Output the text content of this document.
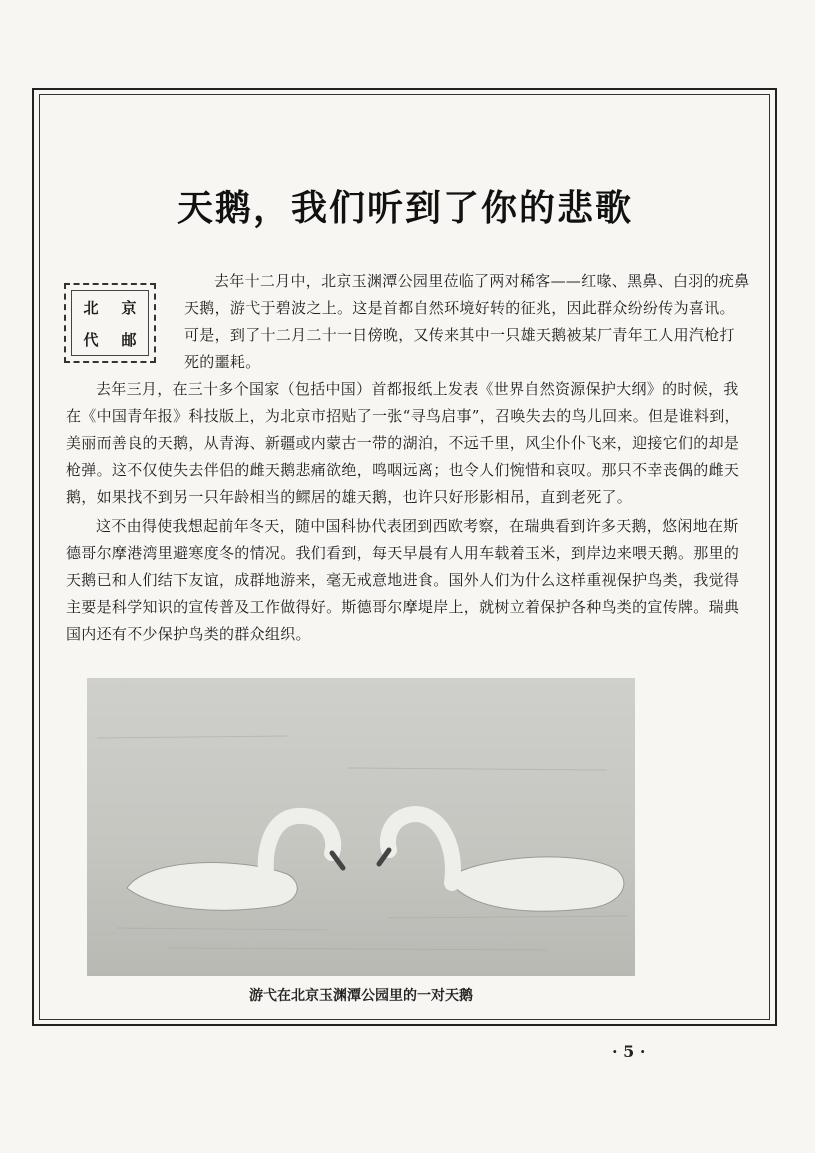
天鹅，我们听到了你的悲歌
北 京
代 邮
去年十二月中，北京玉渊潭公园里莅临了两对稀客——红喙、黑鼻、白羽的疣鼻天鹅，游弋于碧波之上。这是首都自然环境好转的征兆，因此群众纷纷传为喜讯。可是，到了十二月二十一日傍晚，又传来其中一只雄天鹅被某厂青年工人用汽枪打死的噩耗。
去年三月，在三十多个国家（包括中国）首都报纸上发表《世界自然资源保护大纲》的时候，我在《中国青年报》科技版上，为北京市招贴了一张“寻鸟启事”，召唤失去的鸟儿回来。但是谁料到，美丽而善良的天鹅，从青海、新疆或内蒙古一带的湖泊，不远千里，风尘仆仆飞来，迎接它们的却是枪弹。这不仅使失去伴侣的雌天鹅悲痛欲绝，鸣咽远离；也令人们惋惜和哀叹。那只不幸丧偶的雌天鹅，如果找不到另一只年龄相当的鳏居的雄天鹅，也许只好形影相吊，直到老死了。
这不由得使我想起前年冬天，随中国科协代表团到西欧考察，在瑞典看到许多天鹅，悠闲地在斯德哥尔摩港湾里避寒度冬的情况。我们看到，每天早晨有人用车载着玉米，到岸边来喂天鹅。那里的天鹅已和人们结下友谊，成群地游来，毫无戒意地进食。国外人们为什么这样重视保护鸟类，我觉得主要是科学知识的宣传普及工作做得好。斯德哥尔摩堤岸上，就树立着保护各种鸟类的宣传牌。瑞典国内还有不少保护鸟类的群众组织。
游弋在北京玉渊潭公园里的一对天鹅
· 5 ·
